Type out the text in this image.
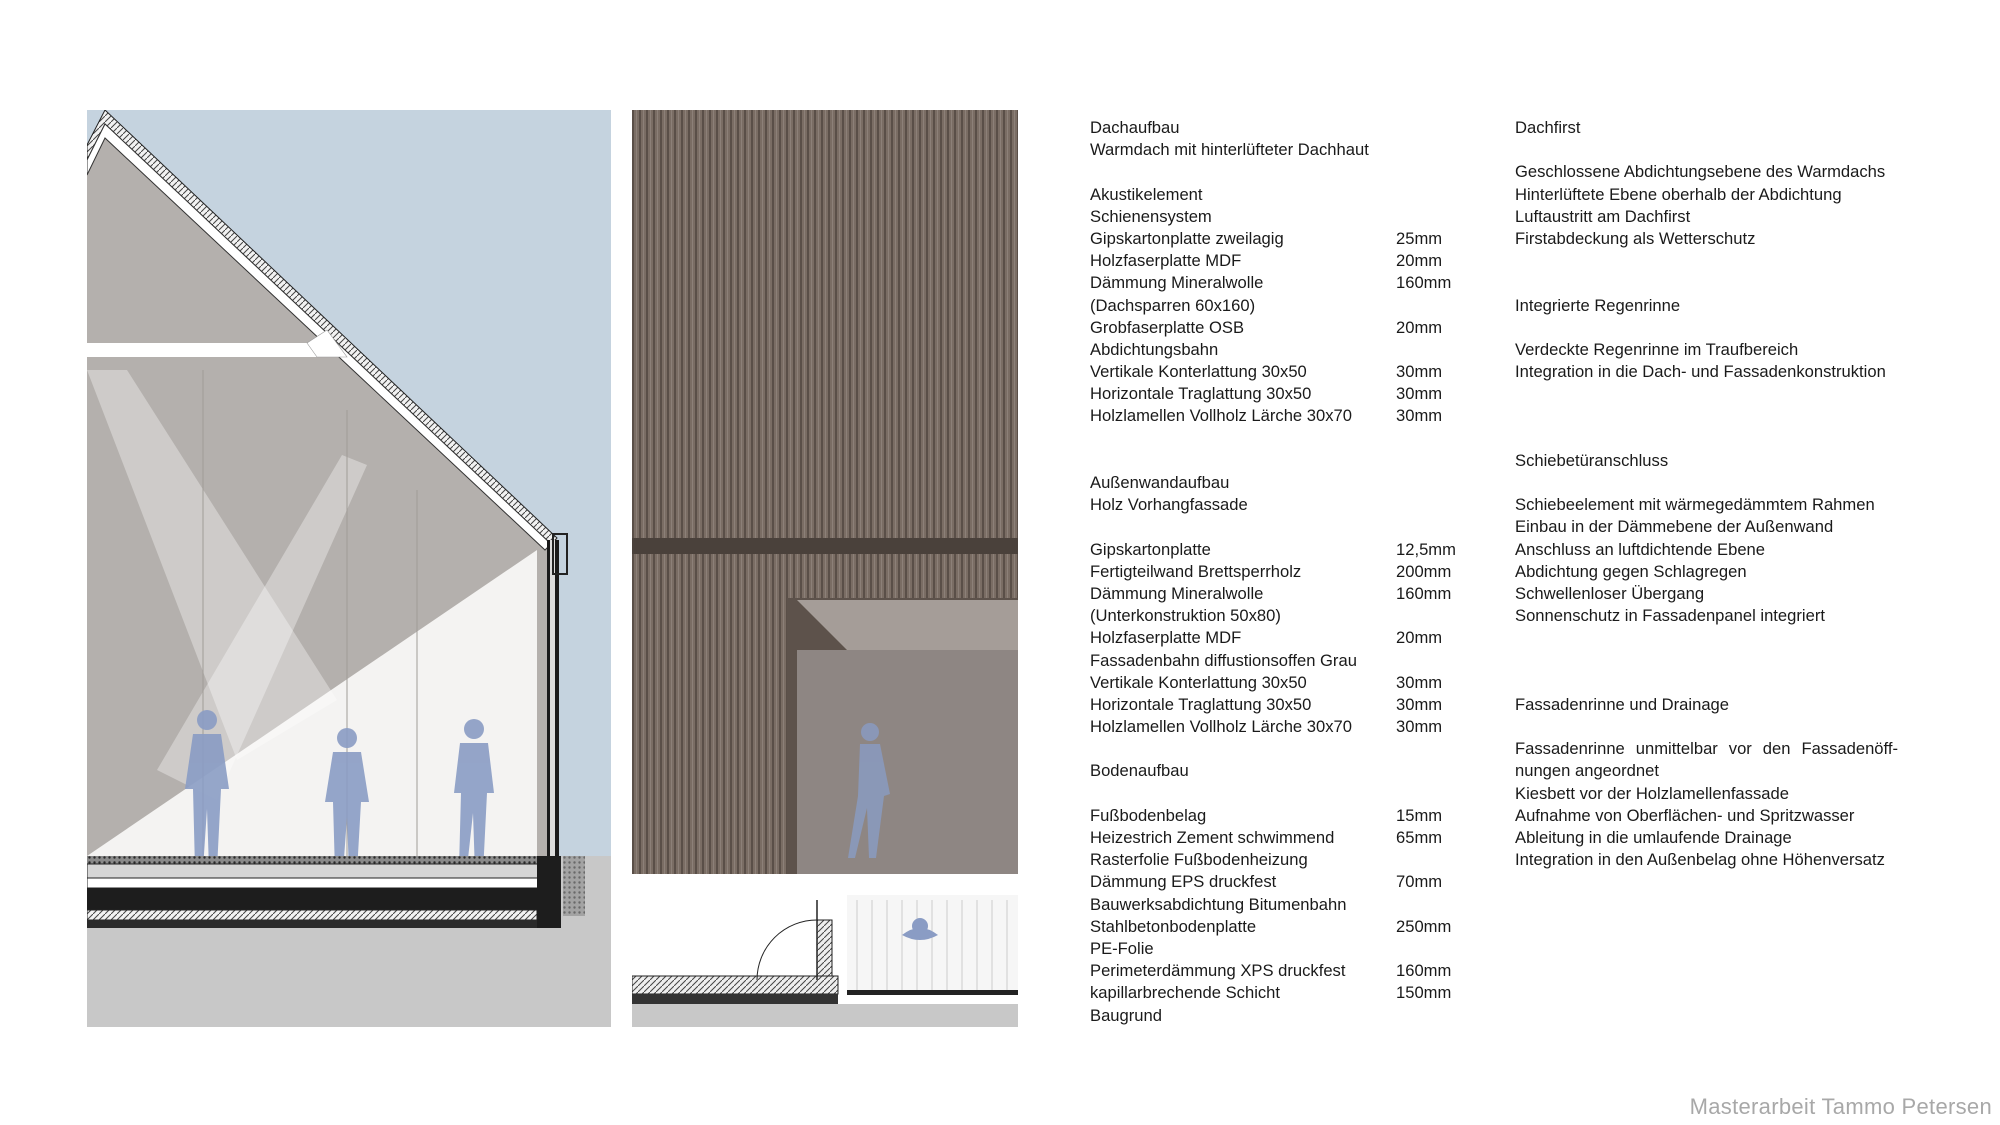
Dachaufbau
Warmdach mit hinterlüfteter Dachhaut
Akustikelement
Schienensystem
Gipskartonplatte zweilagig	25mm
Holzfaserplatte MDF	20mm
Dämmung Mineralwolle	160mm
(Dachsparren 60x160)
Grobfaserplatte OSB	20mm
Abdichtungsbahn
Vertikale Konterlattung 30x50	30mm
Horizontale Traglattung 30x50	30mm
Holzlamellen Vollholz Lärche 30x70	30mm
Außenwandaufbau
Holz Vorhangfassade
Gipskartonplatte	12,5mm
Fertigteilwand Brettsperrholz	200mm
Dämmung Mineralwolle	160mm
(Unterkonstruktion 50x80)
Holzfaserplatte MDF	20mm
Fassadenbahn diffustionsoffen Grau
Vertikale Konterlattung 30x50	30mm
Horizontale Traglattung 30x50	30mm
Holzlamellen Vollholz Lärche 30x70	30mm
Bodenaufbau
Fußbodenbelag	15mm
Heizestrich Zement schwimmend	65mm
Rasterfolie Fußbodenheizung
Dämmung EPS druckfest	70mm
Bauwerksabdichtung Bitumenbahn
Stahlbetonbodenplatte	250mm
PE-Folie
Perimeterdämmung XPS druckfest	160mm
kapillarbrechende Schicht	150mm
Baugrund
Dachfirst
Geschlossene Abdichtungsebene des Warmdachs
Hinterlüftete Ebene oberhalb der Abdichtung
Luftaustritt am Dachfirst
Firstabdeckung als Wetterschutz
Integrierte Regenrinne
Verdeckte Regenrinne im Traufbereich
Integration in die Dach- und Fassadenkonstruktion
Schiebetüranschluss
Schiebeelement mit wärmegedämmtem Rahmen
Einbau in der Dämmebene der Außenwand
Anschluss an luftdichtende Ebene
Abdichtung gegen Schlagregen
Schwellenloser Übergang
Sonnenschutz in Fassadenpanel integriert
Fassadenrinne und Drainage
Fassadenrinne unmittelbar vor den Fassadenöff-
nungen angeordnet
Kiesbett vor der Holzlamellenfassade
Aufnahme von Oberflächen- und Spritzwasser
Ableitung in die umlaufende Drainage
Integration in den Außenbelag ohne Höhenversatz
Masterarbeit Tammo Petersen
